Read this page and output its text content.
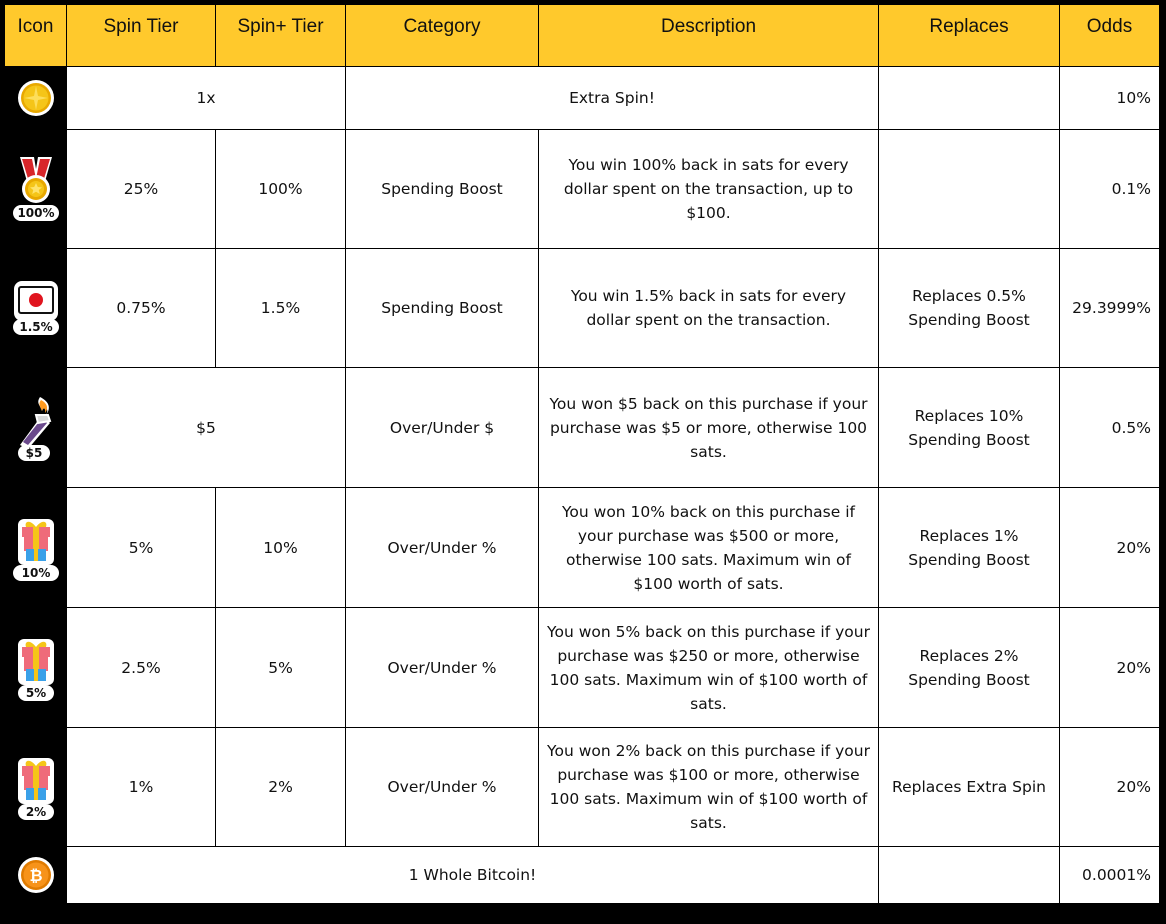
Icon	Spin Tier	Spin+ Tier	Category	Description	Replaces	Odds

	1x		Extra Spin!			10%

100%	25%	100%	Spending Boost	You win 100% back in sats for every dollar spent on the transaction, up to $100.		0.1%

1.5%	0.75%	1.5%	Spending Boost	You win 1.5% back in sats for every dollar spent on the transaction.	Replaces 0.5% Spending Boost	29.3999%

$5	$5		Over/Under $	You won $5 back on this purchase if your purchase was $5 or more, otherwise 100 sats.	Replaces 10% Spending Boost	0.5%

10%	5%	10%	Over/Under %	You won 10% back on this purchase if your purchase was $500 or more, otherwise 100 sats. Maximum win of $100 worth of sats.	Replaces 1% Spending Boost	20%

5%	2.5%	5%	Over/Under %	You won 5% back on this purchase if your purchase was $250 or more, otherwise 100 sats. Maximum win of $100 worth of sats.	Replaces 2% Spending Boost	20%

2%	1%	2%	Over/Under %	You won 2% back on this purchase if your purchase was $100 or more, otherwise 100 sats. Maximum win of $100 worth of sats.	Replaces Extra Spin	20%

₿	1 Whole Bitcoin!					0.0001%
